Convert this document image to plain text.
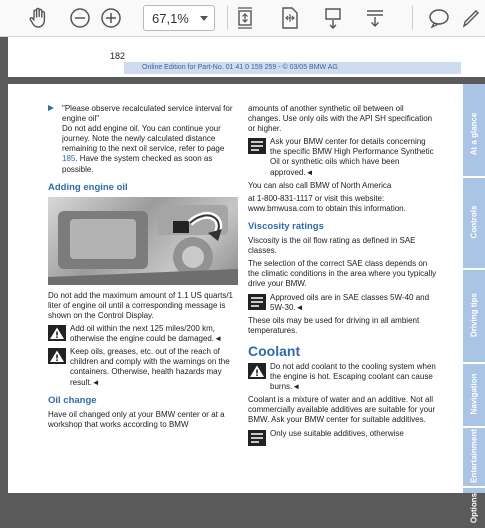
67,1%
182
Online Edition for Part-No. 01 41 0 159 259 - © 03/05 BMW AG

"Please observe recalculated service interval for engine oil"
Do not add engine oil. You can continue your journey. Note the newly calculated distance remaining to the next oil service, refer to page 185. Have the system checked as soon as possible.

Adding engine oil

Do not add the maximum amount of 1.1 US quarts/1 liter of engine oil until a corresponding message is shown on the Control Display.

Add oil within the next 125 miles/200 km, otherwise the engine could be damaged.◄

Keep oils, greases, etc. out of the reach of children and comply with the warnings on the containers. Otherwise, health hazards may result.◄

Oil change

Have oil changed only at your BMW center or at a workshop that works according to BMW

amounts of another synthetic oil between oil changes. Use only oils with the API SH specification or higher.

Ask your BMW center for details concerning the specific BMW High Performance Synthetic Oil or synthetic oils which have been approved.◄

You can also call BMW of North America

at 1-800-831-1117 or visit this website: www.bmwusa.com to obtain this information.

Viscosity ratings

Viscosity is the oil flow rating as defined in SAE classes.

The selection of the correct SAE class depends on the climatic conditions in the area where you typically drive your BMW.

Approved oils are in SAE classes 5W-40 and 5W-30.◄

These oils may be used for driving in all ambient temperatures.

Coolant

Do not add coolant to the cooling system when the engine is hot. Escaping coolant can cause burns.◄

Coolant is a mixture of water and an additive. Not all commercially available additives are suitable for your BMW. Ask your BMW center for suitable additives.

Only use suitable additives, otherwise

At a glance
Controls
Driving tips
Navigation
Entertainment
Options
